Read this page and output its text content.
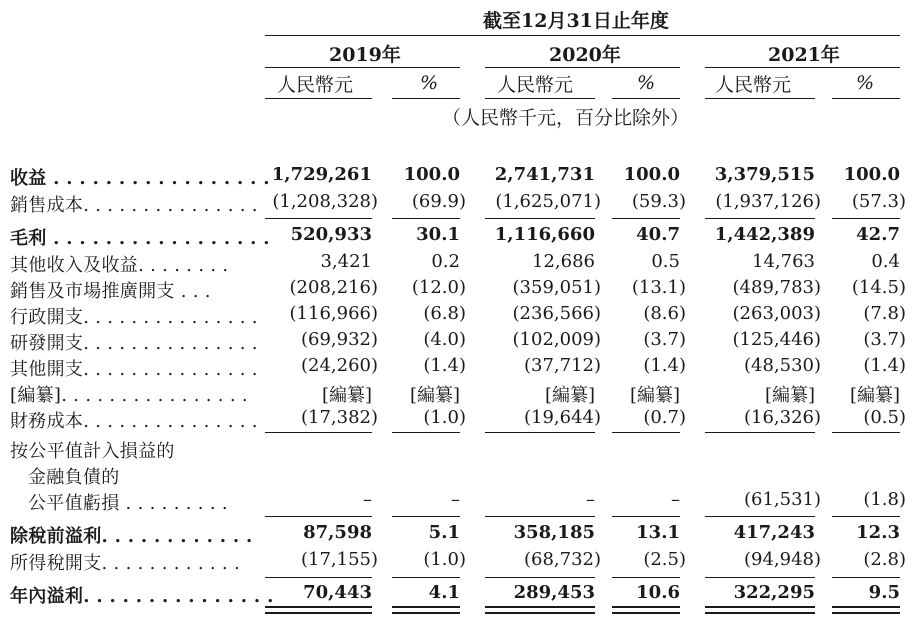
截至12月31日止年度
2019年	2020年	2021年
人民幣元	%	人民幣元	%	人民幣元	%
（人民幣千元，百分比除外）
收益 . . . . . . . . . . . . . . . . . 1,729,261 100.0 2,741,731 100.0 3,379,515 100.0
銷售成本. . . . . . . . . . . . . . . (1,208,328) (69.9) (1,625,071) (59.3) (1,937,126) (57.3)
毛利 . . . . . . . . . . . . . . . . . 520,933 30.1 1,116,660 40.7 1,442,389 42.7
其他收入及收益. . . . . . . .	3,421	0.2	12,686	0.5	14,763	0.4
銷售及市場推廣開支 . . .	(208,216) (12.0)	(359,051) (13.1)	(489,783) (14.5)
行政開支. . . . . . . . . . . . . . . (116,966)	(6.8)	(236,566) (8.6)	(263,003) (7.8)
研發開支. . . . . . . . . . . . . . . (69,932)	(4.0)	(102,009) (3.7)	(125,446) (3.7)
其他開支. . . . . . . . . . . . . . . (24,260)	(1.4)	(37,712) (1.4)	(48,530) (1.4)
[編纂]. . . . . . . . . . . . . . . .	[編纂] [編纂]	[編纂] [編纂]	[編纂] [編纂]
財務成本. . . . . . . . . . . . . . . (17,382)	(1.0)	(19,644) (0.7)	(16,326) (0.5)
按公平值計入損益的
金融負債的
公平值虧損 . . . . . . . . .	–	–	–	–	(61,531) (1.8)
除稅前溢利. . . . . . . . . . . .	87,598	5.1	358,185 13.1	417,243 12.3
所得稅開支. . . . . . . . . . . .	(17,155)	(1.0)	(68,732) (2.5)	(94,948) (2.8)
年內溢利. . . . . . . . . . . . . . . 70,443	4.1	289,453 10.6	322,295	9.5
